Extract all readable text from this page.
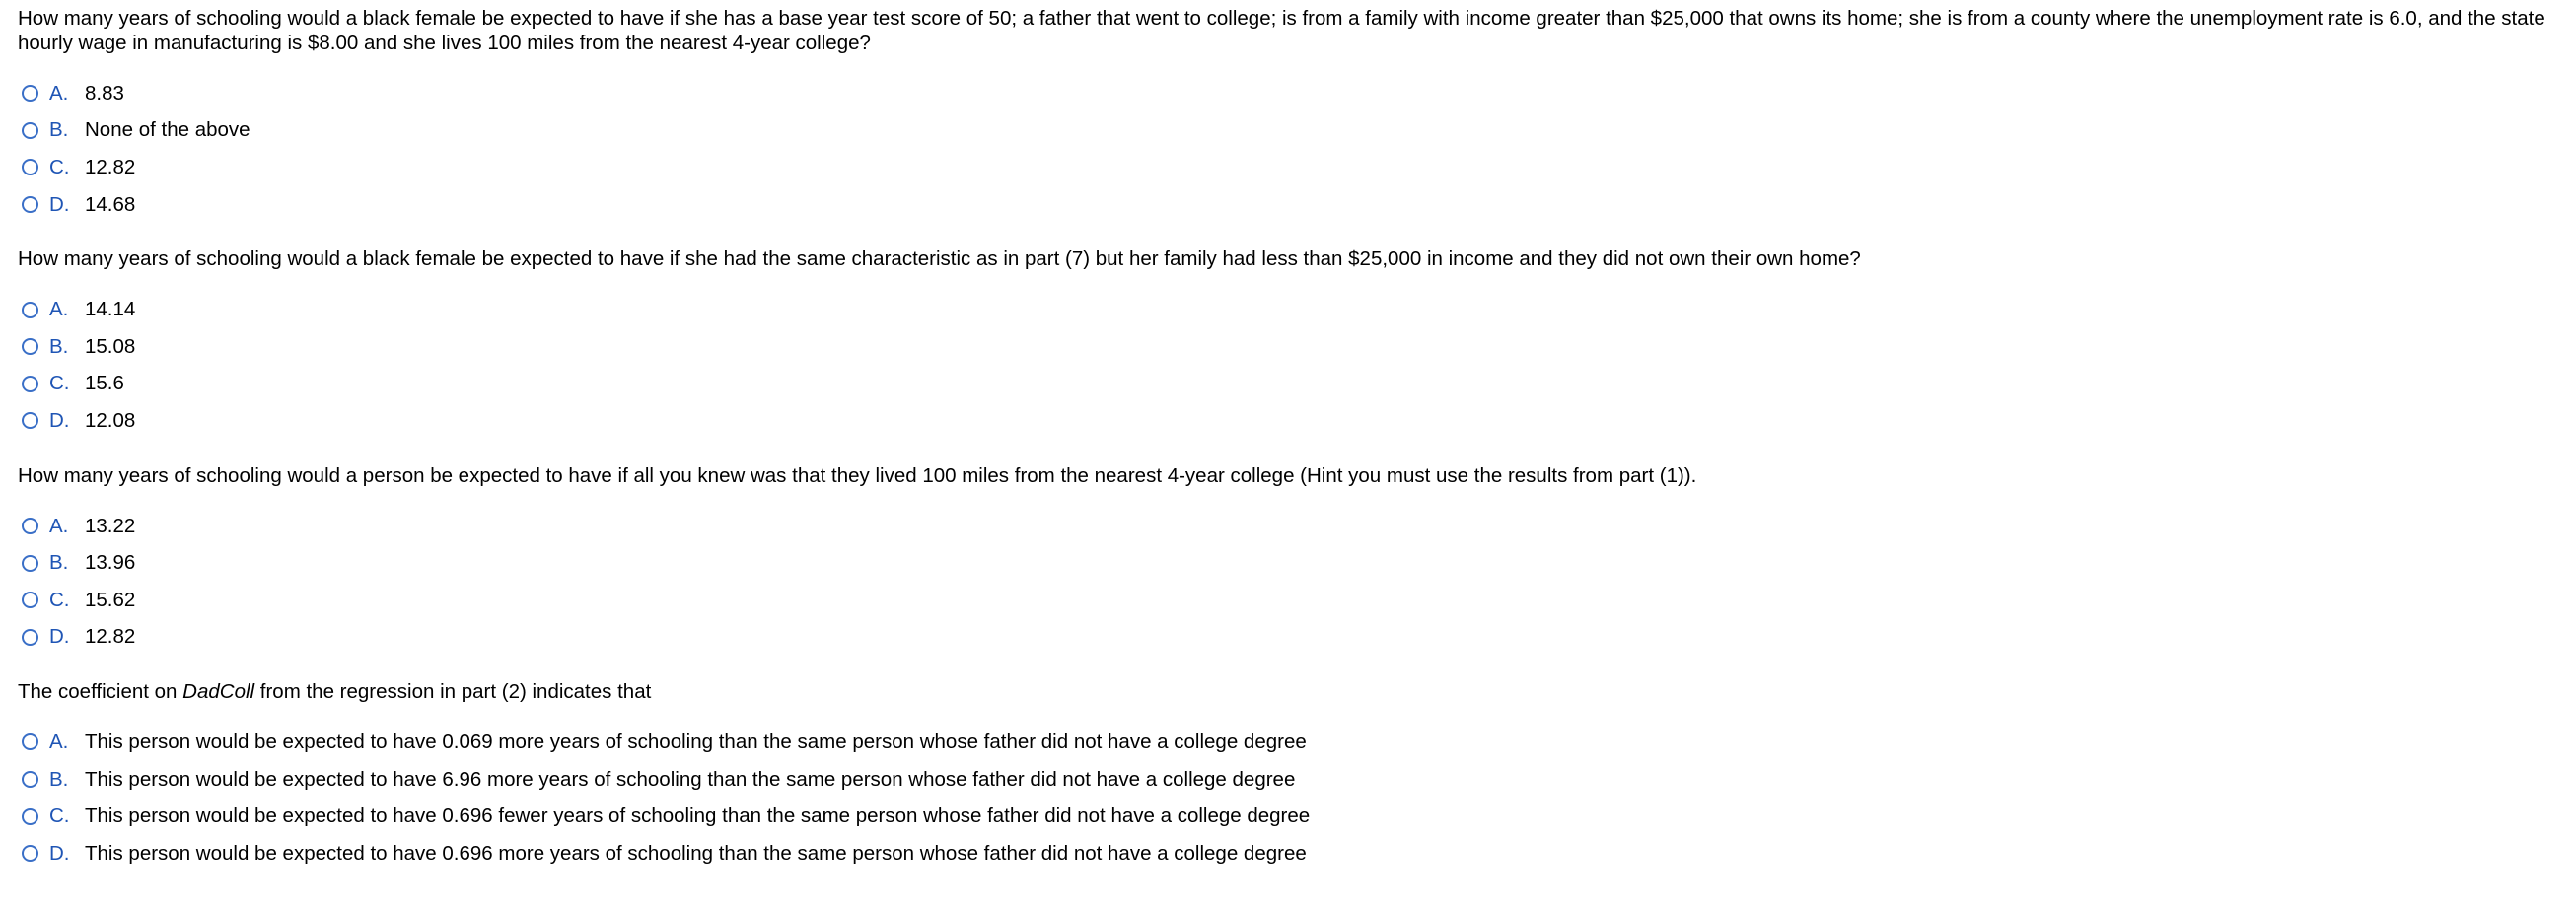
How many years of schooling would a black female be expected to have if she has a base year test score of 50; a father that went to college; is from a family with income greater than $25,000 that owns its home; she is from a county where the unemployment rate is 6.0, and the state hourly wage in manufacturing is $8.00 and she lives 100 miles from the nearest 4-year college?

A. 8.83
B. None of the above
C. 12.82
D. 14.68

How many years of schooling would a black female be expected to have if she had the same characteristic as in part (7) but her family had less than $25,000 in income and they did not own their own home?

A. 14.14
B. 15.08
C. 15.6
D. 12.08

How many years of schooling would a person be expected to have if all you knew was that they lived 100 miles from the nearest 4-year college (Hint you must use the results from part (1)).

A. 13.22
B. 13.96
C. 15.62
D. 12.82

The coefficient on DadColl from the regression in part (2) indicates that

A. This person would be expected to have 0.069 more years of schooling than the same person whose father did not have a college degree
B. This person would be expected to have 6.96 more years of schooling than the same person whose father did not have a college degree
C. This person would be expected to have 0.696 fewer years of schooling than the same person whose father did not have a college degree
D. This person would be expected to have 0.696 more years of schooling than the same person whose father did not have a college degree
